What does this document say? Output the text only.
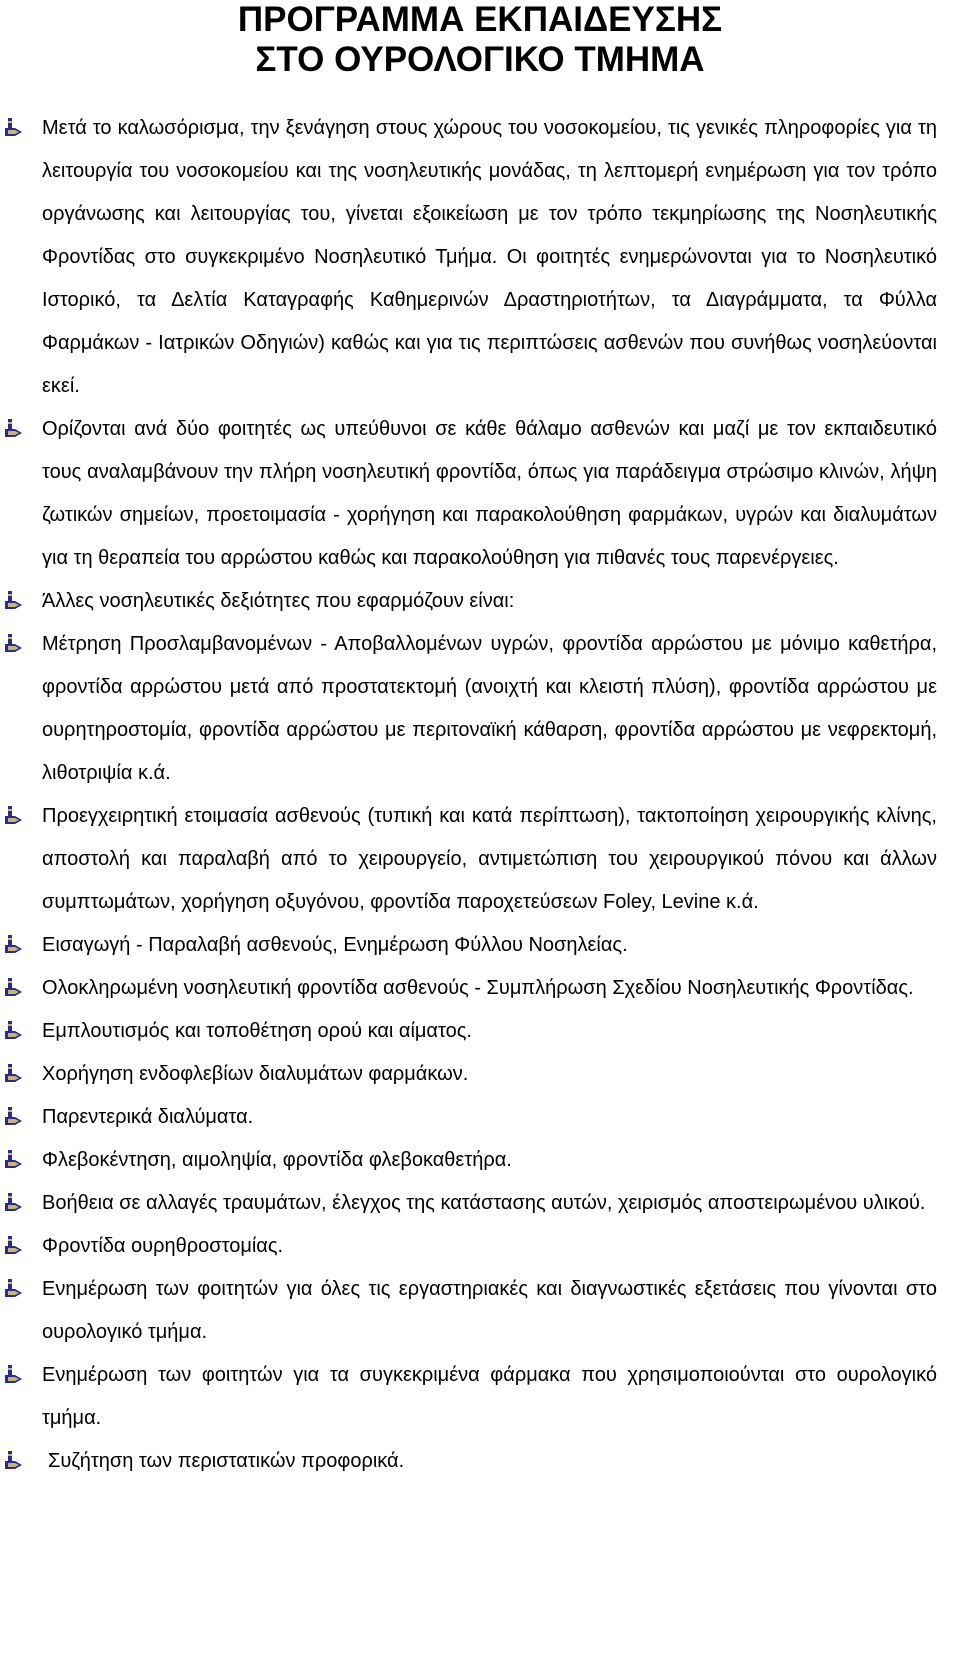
ΠΡΟΓΡΑΜΜΑ ΕΚΠΑΙΔΕΥΣΗΣ
ΣΤΟ ΟΥΡΟΛΟΓΙΚΟ ΤΜΗΜΑ
Μετά το καλωσόρισμα, την ξενάγηση στους χώρους του νοσοκομείου, τις γενικές πληροφορίες για τη λειτουργία του νοσοκομείου και της νοσηλευτικής μονάδας, τη λεπτομερή ενημέρωση για τον τρόπο οργάνωσης και λειτουργίας του, γίνεται εξοικείωση με τον τρόπο τεκμηρίωσης της Νοσηλευτικής Φροντίδας στο συγκεκριμένο Νοσηλευτικό Τμήμα. Οι φοιτητές ενημερώνονται για το Νοσηλευτικό Ιστορικό, τα Δελτία Καταγραφής Καθημερινών Δραστηριοτήτων, τα Διαγράμματα, τα Φύλλα Φαρμάκων - Ιατρικών Οδηγιών) καθώς και για τις περιπτώσεις ασθενών που συνήθως νοσηλεύονται εκεί.
Ορίζονται ανά δύο φοιτητές ως υπεύθυνοι σε κάθε θάλαμο ασθενών και μαζί με τον εκπαιδευτικό τους αναλαμβάνουν την πλήρη νοσηλευτική φροντίδα, όπως για παράδειγμα στρώσιμο κλινών, λήψη ζωτικών σημείων, προετοιμασία - χορήγηση και παρακολούθηση φαρμάκων, υγρών και διαλυμάτων για τη θεραπεία του αρρώστου καθώς και παρακολούθηση για πιθανές τους παρενέργειες.
Άλλες νοσηλευτικές δεξιότητες που εφαρμόζουν είναι:
Μέτρηση Προσλαμβανομένων - Αποβαλλομένων υγρών, φροντίδα αρρώστου με μόνιμο καθετήρα, φροντίδα αρρώστου μετά από προστατεκτομή (ανοιχτή και κλειστή πλύση), φροντίδα αρρώστου με ουρητηροστομία, φροντίδα αρρώστου με περιτοναϊκή κάθαρση, φροντίδα αρρώστου με νεφρεκτομή, λιθοτριψία κ.ά.
Προεγχειρητική ετοιμασία ασθενούς (τυπική και κατά περίπτωση), τακτοποίηση χειρουργικής κλίνης, αποστολή και παραλαβή από το χειρουργείο, αντιμετώπιση του χειρουργικού πόνου και άλλων συμπτωμάτων, χορήγηση οξυγόνου, φροντίδα παροχετεύσεων Foley, Levine κ.ά.
Εισαγωγή - Παραλαβή ασθενούς, Ενημέρωση Φύλλου Νοσηλείας.
Ολοκληρωμένη νοσηλευτική φροντίδα ασθενούς - Συμπλήρωση Σχεδίου Νοσηλευτικής Φροντίδας.
Εμπλουτισμός και τοποθέτηση ορού και αίματος.
Χορήγηση ενδοφλεβίων διαλυμάτων φαρμάκων.
Παρεντερικά διαλύματα.
Φλεβοκέντηση, αιμοληψία, φροντίδα φλεβοκαθετήρα.
Βοήθεια σε αλλαγές τραυμάτων, έλεγχος της κατάστασης αυτών, χειρισμός αποστειρωμένου υλικού.
Φροντίδα ουρηθροστομίας.
Ενημέρωση των φοιτητών για όλες τις εργαστηριακές και διαγνωστικές εξετάσεις που γίνονται στο ουρολογικό τμήμα.
Ενημέρωση των φοιτητών για τα συγκεκριμένα φάρμακα που χρησιμοποιούνται στο ουρολογικό τμήμα.
Συζήτηση των περιστατικών προφορικά.
